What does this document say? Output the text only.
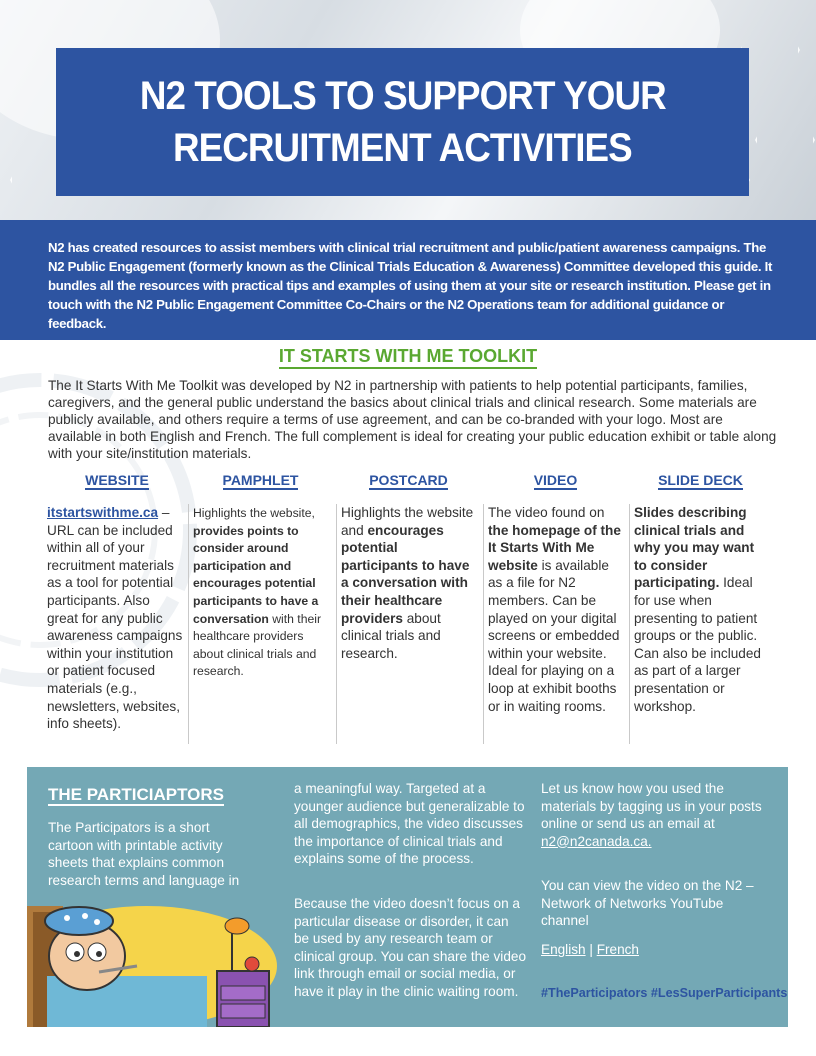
N2 TOOLS TO SUPPORT YOUR
RECRUITMENT ACTIVITIES
N2 has created resources to assist members with clinical trial recruitment and public/patient awareness campaigns. The N2 Public Engagement (formerly known as the Clinical Trials Education & Awareness) Committee developed this guide. It bundles all the resources with practical tips and examples of using them at your site or research institution. Please get in touch with the N2 Public Engagement Committee Co-Chairs or the N2 Operations team for additional guidance or feedback.
IT STARTS WITH ME TOOLKIT
The It Starts With Me Toolkit was developed by N2 in partnership with patients to help potential participants, families, caregivers, and the general public understand the basics about clinical trials and clinical research. Some materials are publicly available, and others require a terms of use agreement, and can be co-branded with your logo. Most are available in both English and French. The full complement is ideal for creating your public education exhibit or table along with your site/institution materials.
WEBSITE
itstartswithme.ca – URL can be included within all of your recruitment materials as a tool for potential participants. Also great for any public awareness campaigns within your institution or patient focused materials (e.g., newsletters, websites, info sheets).
PAMPHLET
Highlights the website, provides points to consider around participation and encourages potential participants to have a conversation with their healthcare providers about clinical trials and research.
POSTCARD
Highlights the website and encourages potential participants to have a conversation with their healthcare providers about clinical trials and research.
VIDEO
The video found on the homepage of the It Starts With Me website is available as a file for N2 members. Can be played on your digital screens or embedded within your website. Ideal for playing on a loop at exhibit booths or in waiting rooms.
SLIDE DECK
Slides describing clinical trials and why you may want to consider participating. Ideal for use when presenting to patient groups or the public. Can also be included as part of a larger presentation or workshop.
THE PARTICIAPTORS
The Participators is a short cartoon with printable activity sheets that explains common research terms and language in
a meaningful way. Targeted at a younger audience but generalizable to all demographics, the video discusses the importance of clinical trials and explains some of the process.
Because the video doesn’t focus on a particular disease or disorder, it can be used by any research team or clinical group. You can share the video link through email or social media, or have it play in the clinic waiting room.
Let us know how you used the materials by tagging us in your posts online or send us an email at n2@n2canada.ca.
You can view the video on the N2 – Network of Networks YouTube channel
English | French
#TheParticipators #LesSuperParticipants
